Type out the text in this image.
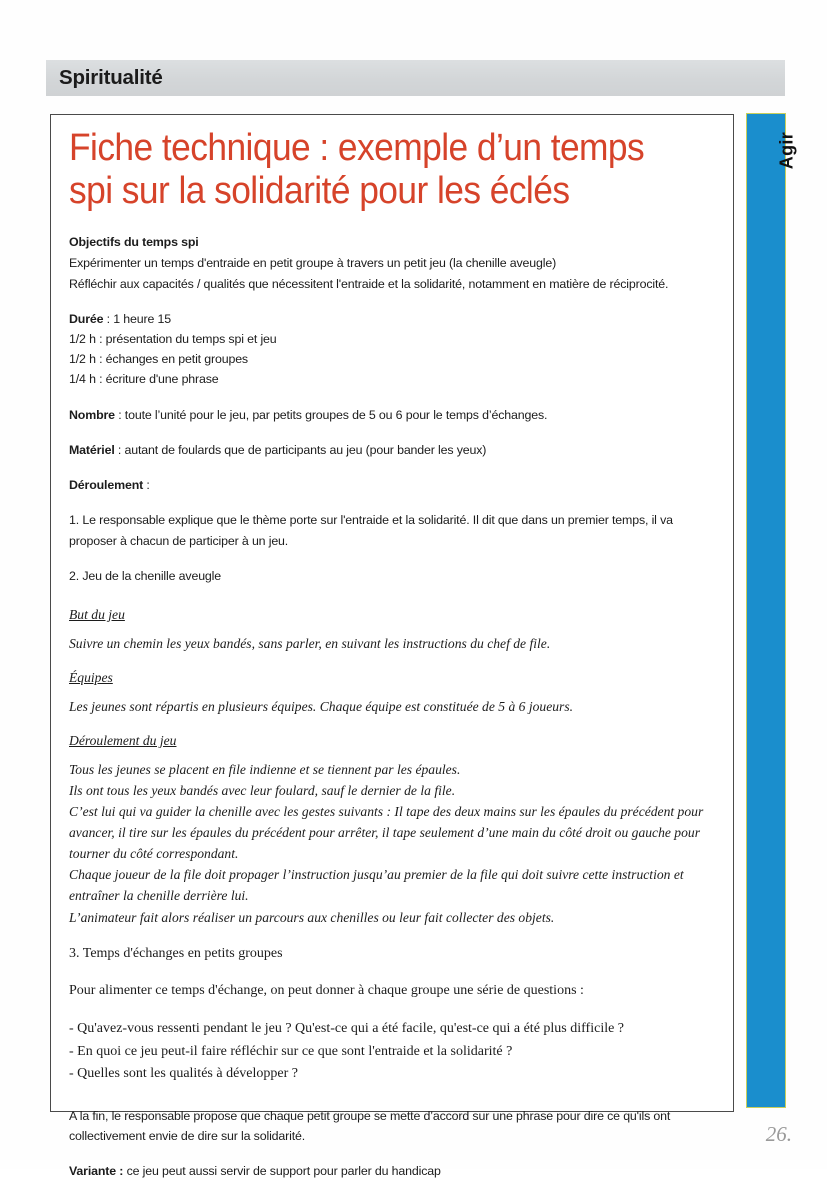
Spiritualité
Agir
Fiche technique : exemple d’un temps spi sur la solidarité pour les éclés
Objectifs du temps spi
Expérimenter un temps d'entraide en petit groupe à travers un petit jeu (la chenille aveugle)
Réfléchir aux capacités / qualités que nécessitent l'entraide et la solidarité, notamment en matière de réciprocité.
Durée : 1 heure 15
1/2 h : présentation du temps spi et jeu
1/2 h : échanges en petit groupes
1/4 h : écriture d'une phrase
Nombre : toute l’unité pour le jeu, par petits groupes de 5 ou 6 pour le temps d’échanges.
Matériel : autant de foulards que de participants au jeu (pour bander les yeux)
Déroulement :
1. Le responsable explique que le thème porte sur l'entraide et la solidarité. Il dit que dans un premier temps, il va proposer à chacun de participer à un jeu.
2. Jeu de la chenille aveugle
But du jeu
Suivre un chemin les yeux bandés, sans parler, en suivant les instructions du chef de file.
Équipes
Les jeunes sont répartis en plusieurs équipes. Chaque équipe est constituée de 5 à 6 joueurs.
Déroulement du jeu
Tous les jeunes se placent en file indienne et se tiennent par les épaules.
Ils ont tous les yeux bandés avec leur foulard, sauf le dernier de la file.
C’est lui qui va guider la chenille avec les gestes suivants : Il tape des deux mains sur les épaules du précédent pour avancer, il tire sur les épaules du précédent pour arrêter, il tape seulement d’une main du côté droit ou gauche pour tourner du côté correspondant.
Chaque joueur de la file doit propager l’instruction jusqu’au premier de la file qui doit suivre cette instruction et entraîner la chenille derrière lui.
L’animateur fait alors réaliser un parcours aux chenilles ou leur fait collecter des objets.
3. Temps d'échanges en petits groupes
Pour alimenter ce temps d'échange, on peut donner à chaque groupe une série de questions :
- Qu'avez-vous ressenti pendant le jeu ? Qu'est-ce qui a été facile, qu'est-ce qui a été plus difficile ?
- En quoi ce jeu peut-il faire réfléchir sur ce que sont l'entraide et la solidarité ?
- Quelles sont les qualités à développer ?
A la fin, le responsable propose que chaque petit groupe se mette d’accord sur une phrase pour dire ce qu'ils ont collectivement envie de dire sur la solidarité.
Variante : ce jeu peut aussi servir de support pour parler du handicap
26.
